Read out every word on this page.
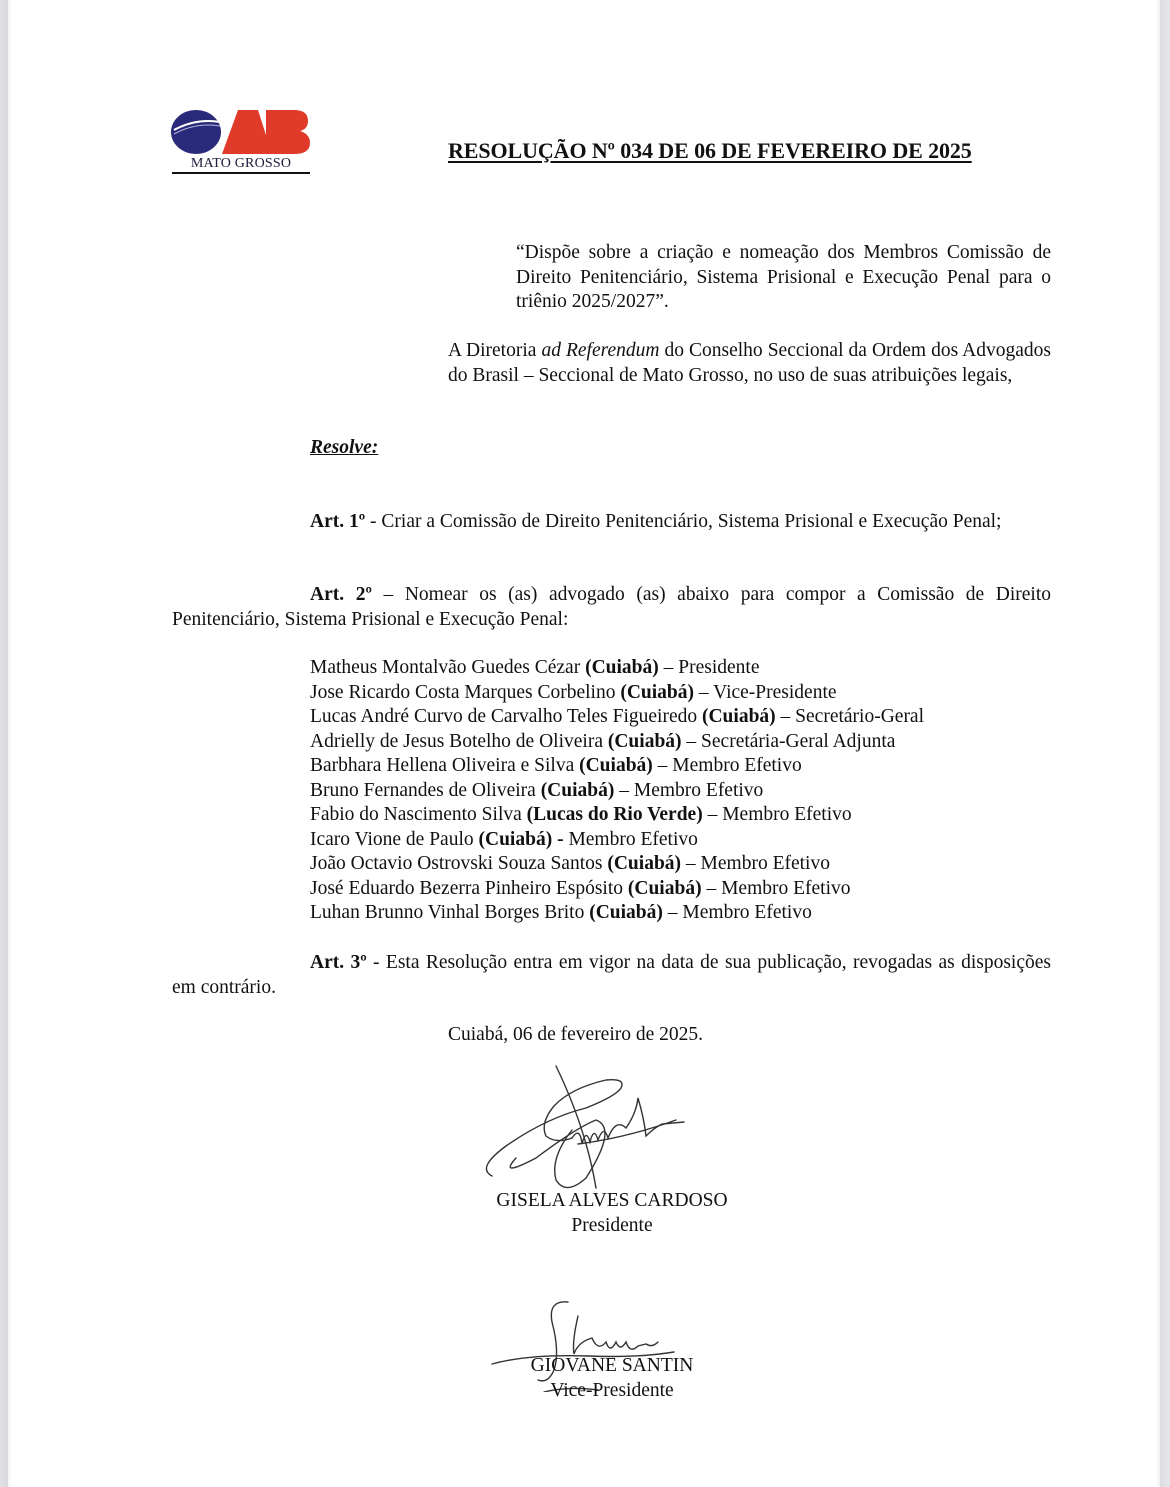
MATO GROSSO
RESOLUÇÃO Nº 034 DE 06 DE FEVEREIRO DE 2025
“Dispõe sobre a criação e nomeação dos Membros Comissão de Direito Penitenciário, Sistema Prisional e Execução Penal para o triênio 2025/2027”.
A Diretoria ad Referendum do Conselho Seccional da Ordem dos Advogados do Brasil – Seccional de Mato Grosso, no uso de suas atribuições legais,
Resolve:
Art. 1º - Criar a Comissão de Direito Penitenciário, Sistema Prisional e Execução Penal;
Art. 2º – Nomear os (as) advogado (as) abaixo para compor a Comissão de Direito Penitenciário, Sistema Prisional e Execução Penal:
Matheus Montalvão Guedes Cézar (Cuiabá) – Presidente
Jose Ricardo Costa Marques Corbelino (Cuiabá) – Vice-Presidente
Lucas André Curvo de Carvalho Teles Figueiredo (Cuiabá) – Secretário-Geral
Adrielly de Jesus Botelho de Oliveira (Cuiabá) – Secretária-Geral Adjunta
Barbhara Hellena Oliveira e Silva (Cuiabá) – Membro Efetivo
Bruno Fernandes de Oliveira (Cuiabá) – Membro Efetivo
Fabio do Nascimento Silva (Lucas do Rio Verde) – Membro Efetivo
Icaro Vione de Paulo (Cuiabá) - Membro Efetivo
João Octavio Ostrovski Souza Santos (Cuiabá) – Membro Efetivo
José Eduardo Bezerra Pinheiro Espósito (Cuiabá) – Membro Efetivo
Luhan Brunno Vinhal Borges Brito (Cuiabá) – Membro Efetivo
Art. 3º - Esta Resolução entra em vigor na data de sua publicação, revogadas as disposições em contrário.
Cuiabá, 06 de fevereiro de 2025.
GISELA ALVES CARDOSO
Presidente
GIOVANE SANTIN
Vice-Presidente
